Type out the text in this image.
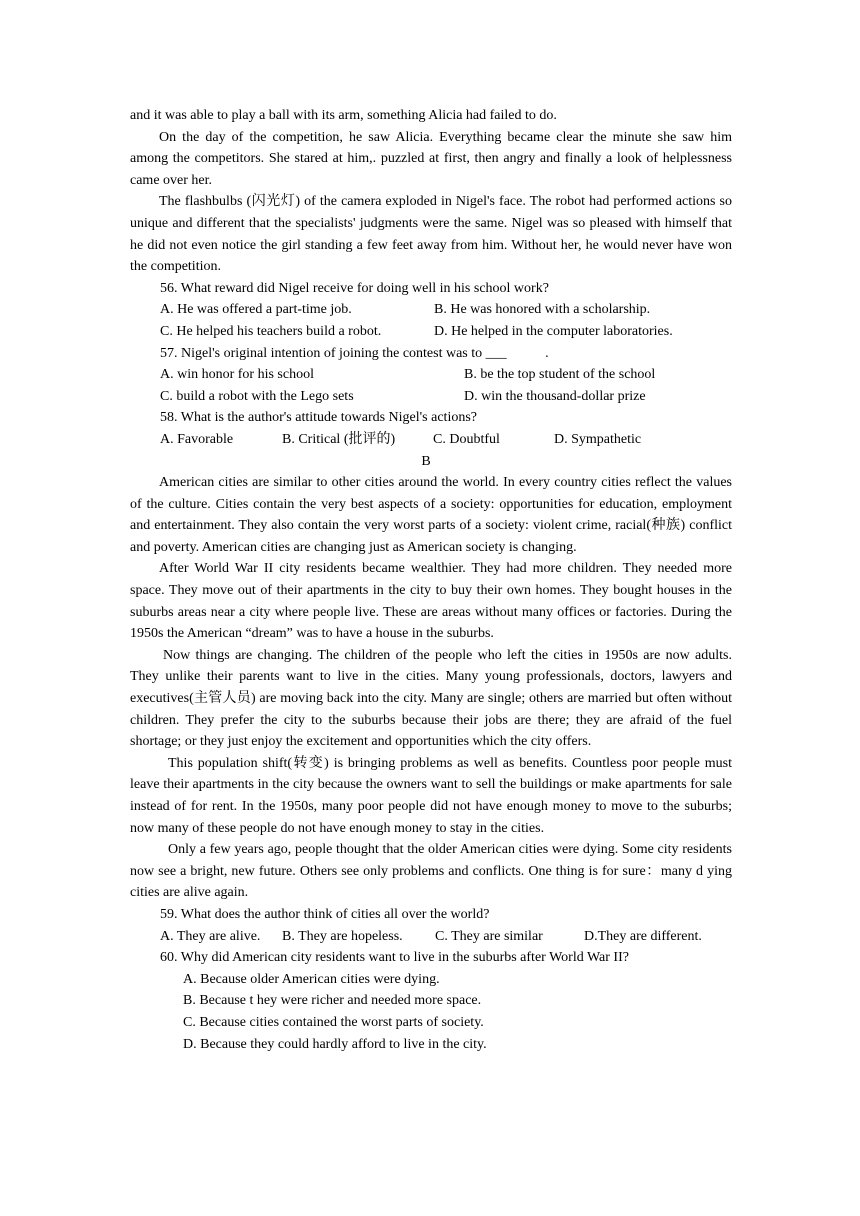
and it was able to play a ball with its arm, something Alicia had failed to do.

On the day of the competition, he saw Alicia. Everything became clear the minute she saw him among the competitors. She stared at him,. puzzled at first, then angry and finally a look of helplessness came over her.

The flashbulbs (闪光灯) of the camera exploded in Nigel's face. The robot had performed actions so unique and different that the specialists' judgments were the same. Nigel was so pleased with himself that he did not even notice the girl standing a few feet away from him. Without her, he would never have won the competition.

56. What reward did Nigel receive for doing well in his school work?

A. He was offered a part-time job.	B. He was honored with a scholarship.
C. He helped his teachers build a robot.	D. He helped in the computer laboratories.

57. Nigel's original intention of joining the contest was to ___           .

A. win honor for his school	B. be the top student of the school
C. build a robot with the Lego sets	D. win the thousand-dollar prize

58. What is the author's attitude towards Nigel's actions?

A. Favorable	B. Critical (批评的)	C. Doubtful	D. Sympathetic

B

American cities are similar to other cities around the world. In every country cities reflect the values of the culture. Cities contain the very best aspects of a society: opportunities for education, employment and entertainment. They also contain the very worst parts of a society: violent crime, racial(种族) conflict and poverty. American cities are changing just as American society is changing.

After World War II city residents became wealthier. They had more children. They needed more space. They move out of their apartments in the city to buy their own homes. They bought houses in the suburbs areas near a city where people live. These are areas without many offices or factories. During the 1950s the American “dream” was to have a house in the suburbs.

Now things are changing. The children of the people who left the cities in 1950s are now adults. They unlike their parents want to live in the cities. Many young professionals, doctors, lawyers and executives(主管人员) are moving back into the city. Many are single; others are married but often without children. They prefer the city to the suburbs because their jobs are there; they are afraid of the fuel shortage; or they just enjoy the excitement and opportunities which the city offers.

This population shift(转变) is bringing problems as well as benefits. Countless poor people must leave their apartments in the city because the owners want to sell the buildings or make apartments for sale instead of for rent. In the 1950s, many poor people did not have enough money to move to the suburbs; now many of these people do not have enough money to stay in the cities.

Only a few years ago, people thought that the older American cities were dying. Some city residents now see a bright, new future. Others see only problems and conflicts. One thing is for sure：many d ying cities are alive again.

59. What does the author think of cities all over the world?

A. They are alive.	B. They are hopeless.	C. They are similar	D.They are different.

60. Why did American city residents want to live in the suburbs after World War II?

A. Because older American cities were dying.

B. Because t hey were richer and needed more space.

C. Because cities contained the worst parts of society.

D. Because they could hardly afford to live in the city.
